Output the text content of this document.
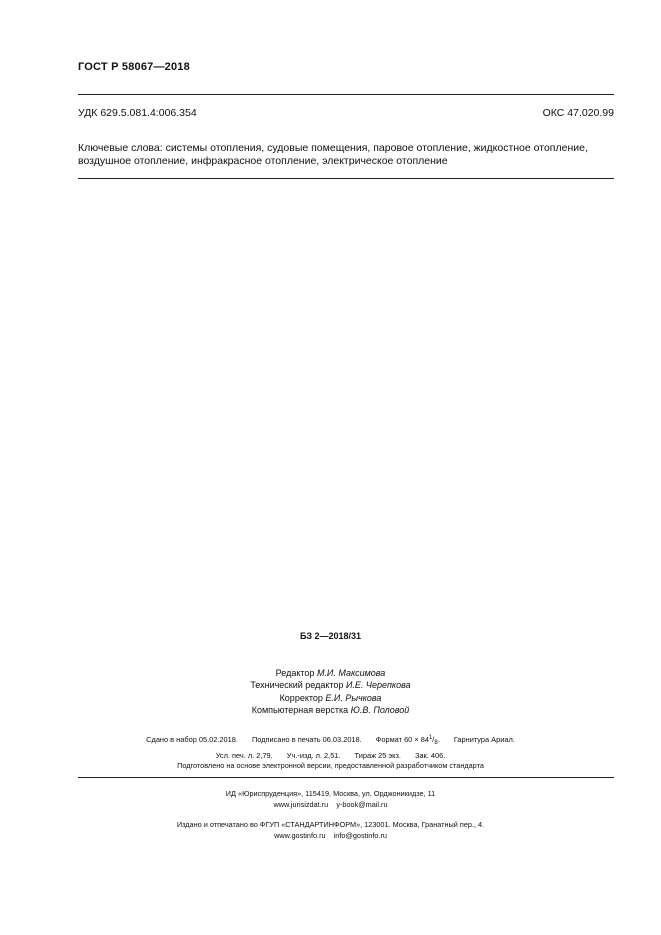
ГОСТ Р 58067—2018
УДК 629.5.081.4:006.354	ОКС 47.020.99
Ключевые слова: системы отопления, судовые помещения, паровое отопление, жидкостное отопление, воздушное отопление, инфракрасное отопление, электрическое отопление
БЗ 2—2018/31
Редактор М.И. Максимова
Технический редактор И.Е. Черепкова
Корректор Е.И. Рычкова
Компьютерная верстка Ю.В. Половой
Сдано в набор 05.02.2018. Подписано в печать 06.03.2018. Формат $60 \times 84^1/_8$. Гарнитура Ариал.
Усл. печ. л. 2,79. Уч.-изд. л. 2,51. Тираж 25 экз. Зак. 406.
Подготовлено на основе электронной версии, предоставленной разработчиком стандарта
ИД «Юриспруденция», 115419, Москва, ул. Орджоникидзе, 11
www.jurisizdat.ru y-book@mail.ru
Издано и отпечатано во ФГУП «СТАНДАРТИНФОРМ», 123001. Москва, Гранатный пер., 4.
www.gostinfo.ru info@gostinfo.ru
